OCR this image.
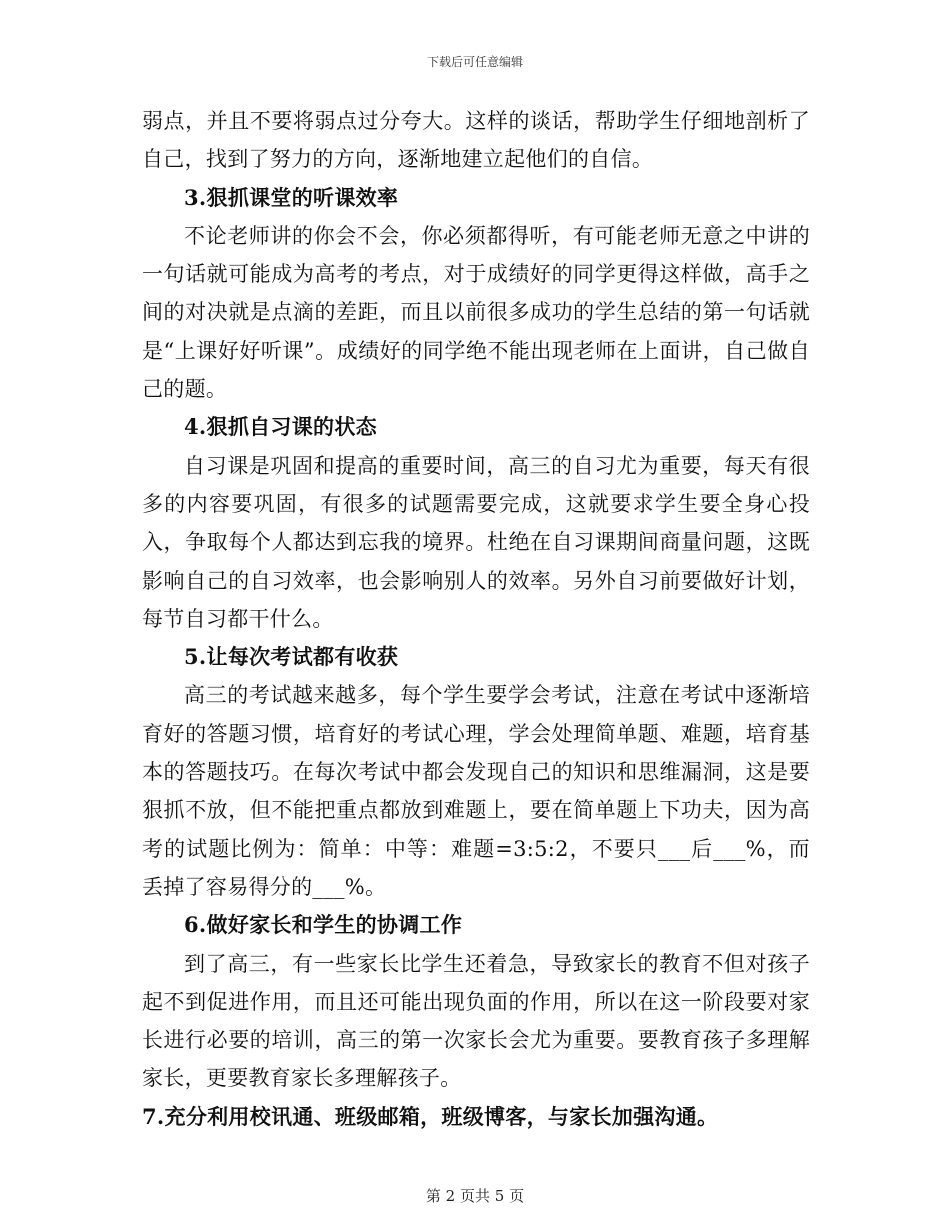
下载后可任意编辑

弱点，并且不要将弱点过分夸大。这样的谈话，帮助学生仔细地剖析了自己，找到了努力的方向，逐渐地建立起他们的自信。

3.狠抓课堂的听课效率

不论老师讲的你会不会，你必须都得听，有可能老师无意之中讲的一句话就可能成为高考的考点，对于成绩好的同学更得这样做，高手之间的对决就是点滴的差距，而且以前很多成功的学生总结的第一句话就是“上课好好听课”。成绩好的同学绝不能出现老师在上面讲，自己做自己的题。

4.狠抓自习课的状态

自习课是巩固和提高的重要时间，高三的自习尤为重要，每天有很多的内容要巩固，有很多的试题需要完成，这就要求学生要全身心投入，争取每个人都达到忘我的境界。杜绝在自习课期间商量问题，这既影响自己的自习效率，也会影响别人的效率。另外自习前要做好计划，每节自习都干什么。

5.让每次考试都有收获

高三的考试越来越多，每个学生要学会考试，注意在考试中逐渐培育好的答题习惯，培育好的考试心理，学会处理简单题、难题，培育基本的答题技巧。在每次考试中都会发现自己的知识和思维漏洞，这是要狠抓不放，但不能把重点都放到难题上，要在简单题上下功夫，因为高考的试题比例为：简单：中等：难题=3:5:2，不要只___后___%，而丢掉了容易得分的___%。

6.做好家长和学生的协调工作

到了高三，有一些家长比学生还着急，导致家长的教育不但对孩子起不到促进作用，而且还可能出现负面的作用，所以在这一阶段要对家长进行必要的培训，高三的第一次家长会尤为重要。要教育孩子多理解家长，更要教育家长多理解孩子。

7.充分利用校讯通、班级邮箱，班级博客，与家长加强沟通。

第 2 页共 5 页
